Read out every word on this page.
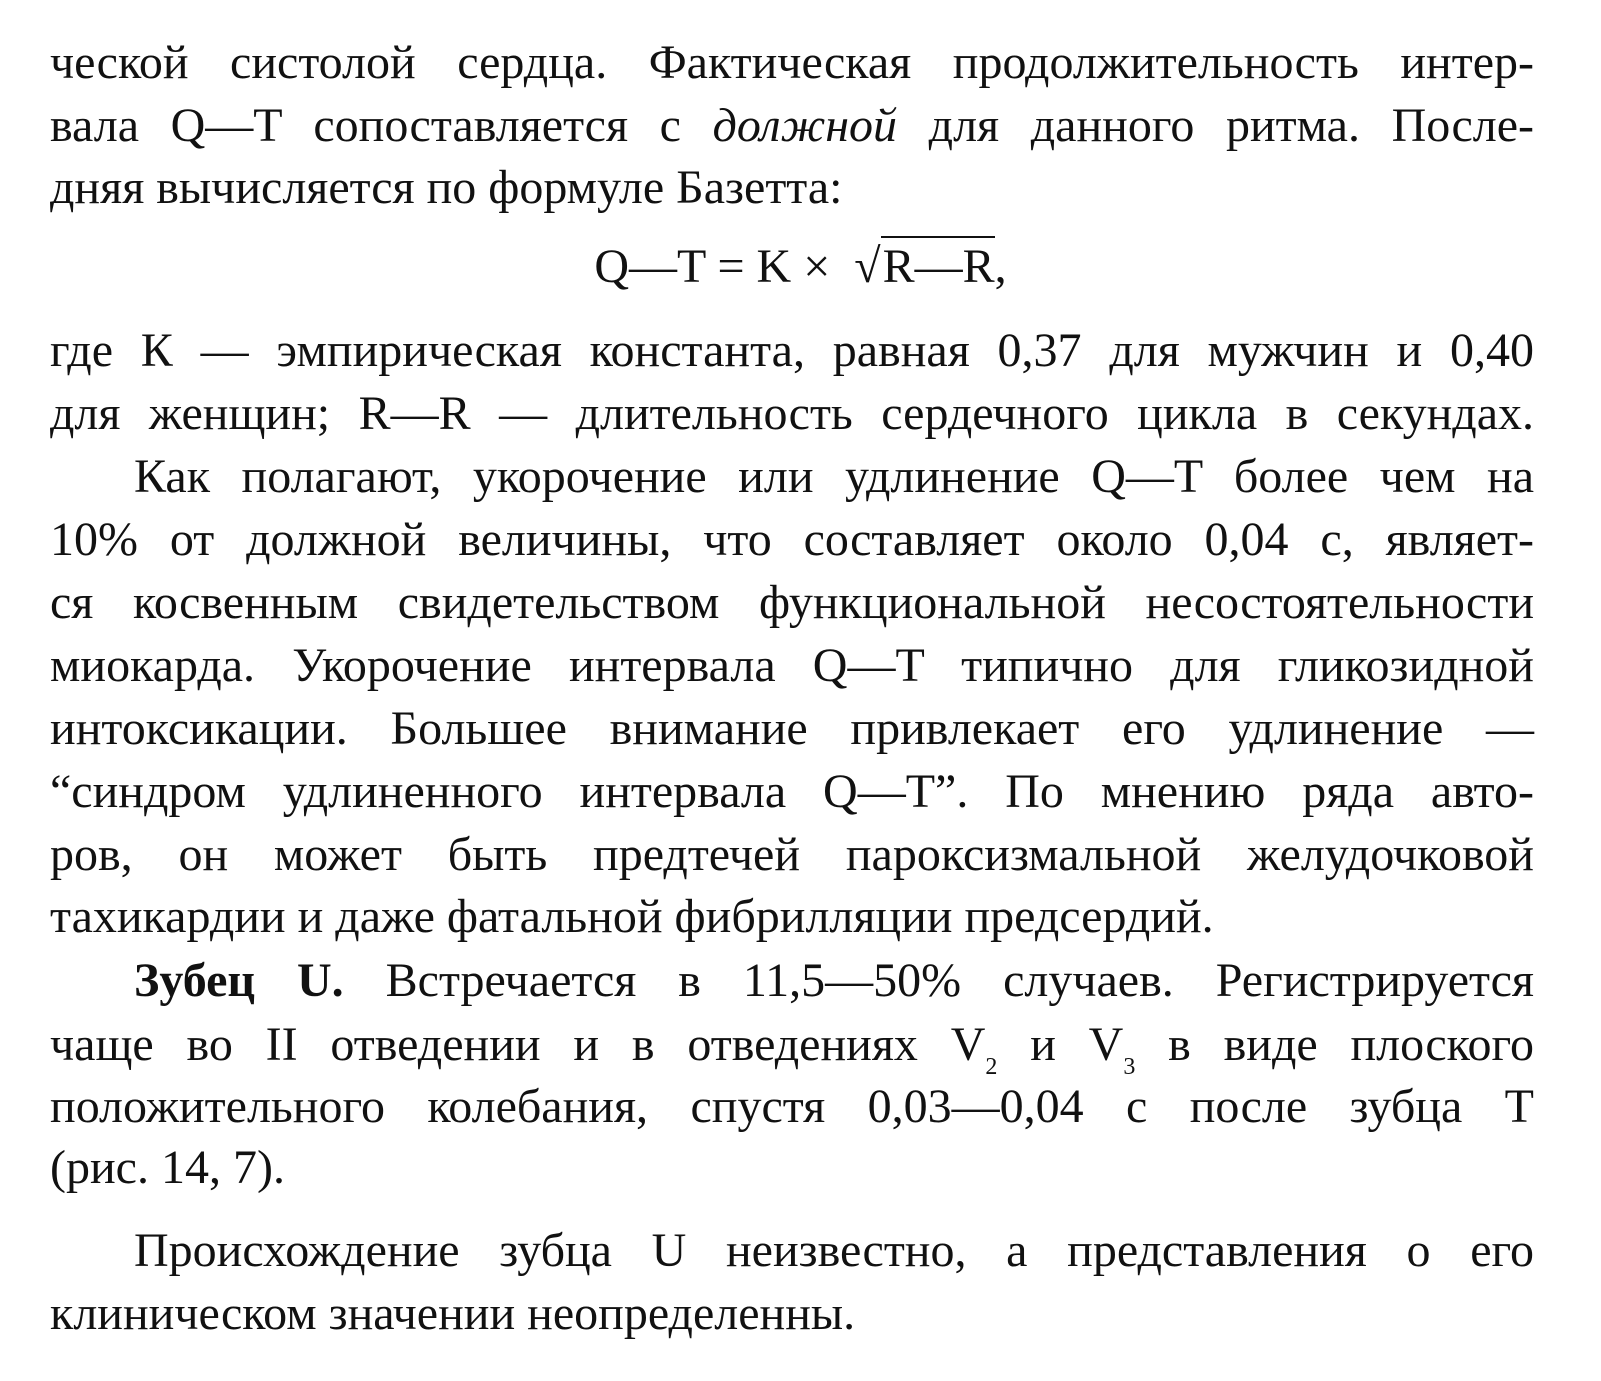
ческой систолой сердца. Фактическая продолжительность интер-
вала Q—T сопоставляется с должной для данного ритма. После-
дняя вычисляется по формуле Базетта:
Q—T = K × √R—R,
где К — эмпирическая константа, равная 0,37 для мужчин и 0,40
для женщин; R—R — длительность сердечного цикла в секундах.
Как полагают, укорочение или удлинение Q—T более чем на
10% от должной величины, что составляет около 0,04 с, являет-
ся косвенным свидетельством функциональной несостоятельности
миокарда. Укорочение интервала Q—T типично для гликозидной
интоксикации. Большее внимание привлекает его удлинение —
“синдром удлиненного интервала Q—T”. По мнению ряда авто-
ров, он может быть предтечей пароксизмальной желудочковой
тахикардии и даже фатальной фибрилляции предсердий.
Зубец U. Встречается в 11,5—50% случаев. Регистрируется
чаще во II отведении и в отведениях $V_2$ и $V_3$ в виде плоского
положительного колебания, спустя 0,03—0,04 с после зубца T
(рис. 14, 7).
Происхождение зубца U неизвестно, а представления о его
клиническом значении неопределенны.
